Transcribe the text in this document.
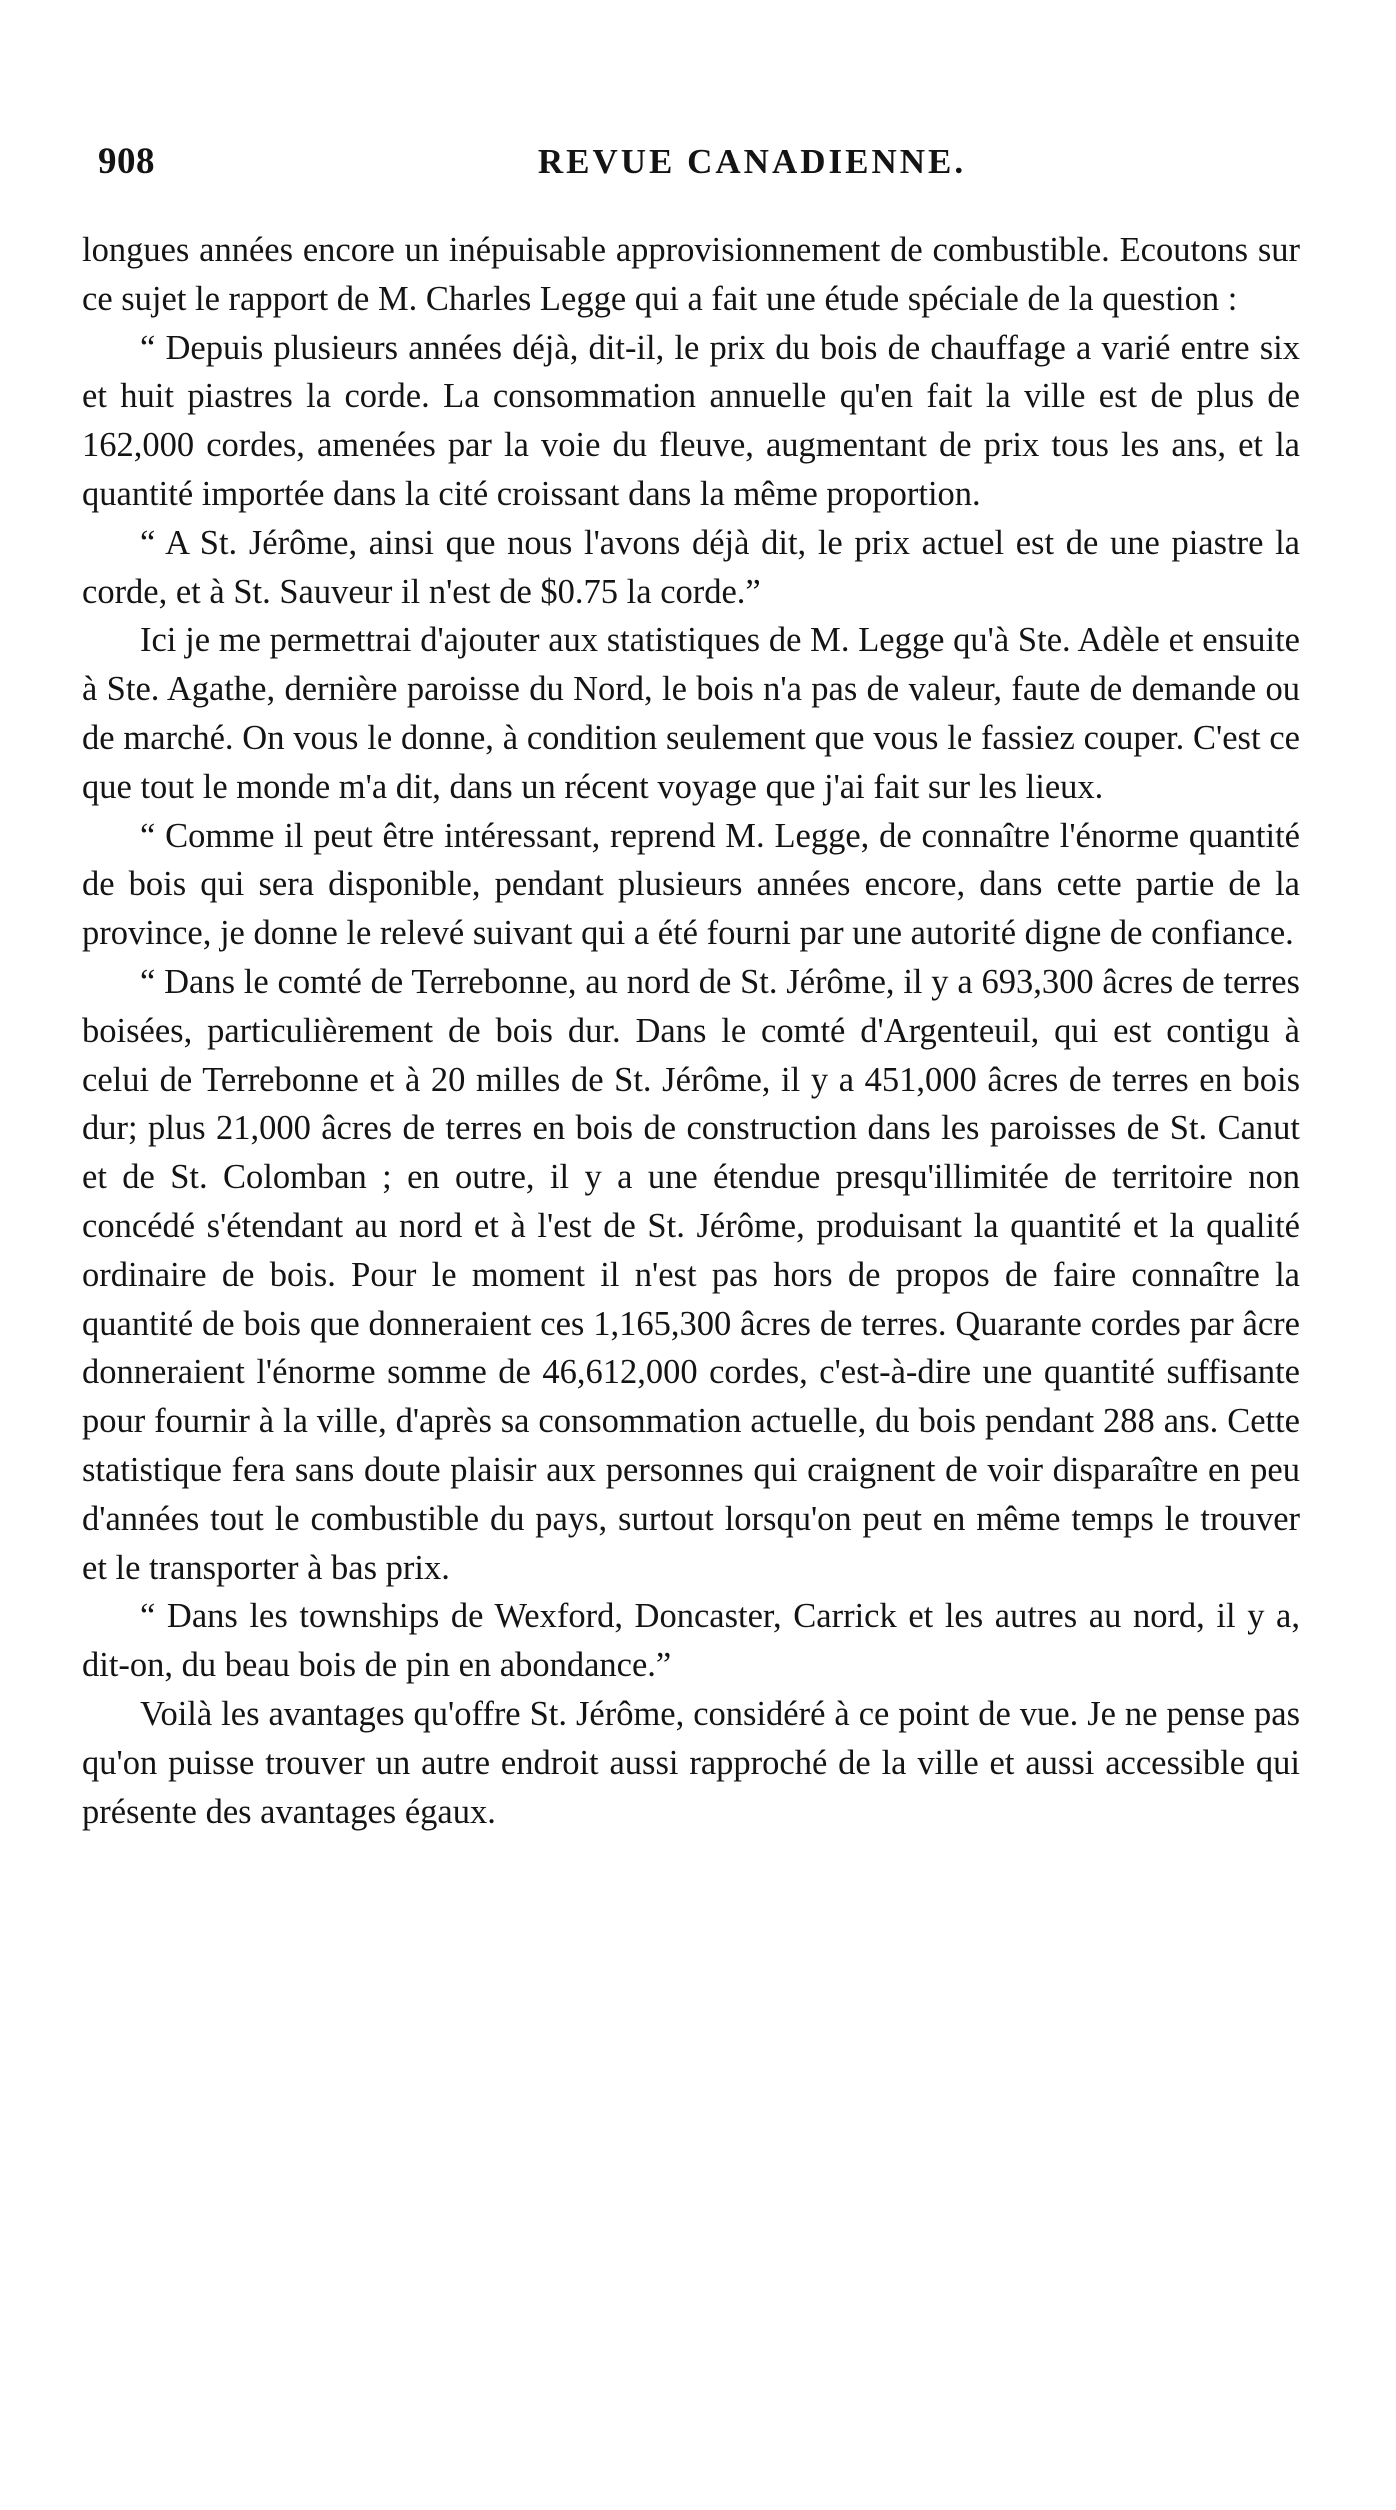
908	REVUE CANADIENNE.

longues années encore un inépuisable approvisionnement de combustible. Ecoutons sur ce sujet le rapport de M. Charles Legge qui a fait une étude spéciale de la question :

“ Depuis plusieurs années déjà, dit-il, le prix du bois de chauffage a varié entre six et huit piastres la corde. La consommation annuelle qu'en fait la ville est de plus de 162,000 cordes, amenées par la voie du fleuve, augmentant de prix tous les ans, et la quantité importée dans la cité croissant dans la même proportion.

“ A St. Jérôme, ainsi que nous l'avons déjà dit, le prix actuel est de une piastre la corde, et à St. Sauveur il n'est de $0.75 la corde.”

Ici je me permettrai d'ajouter aux statistiques de M. Legge qu'à Ste. Adèle et ensuite à Ste. Agathe, dernière paroisse du Nord, le bois n'a pas de valeur, faute de demande ou de marché. On vous le donne, à condition seulement que vous le fassiez couper. C'est ce que tout le monde m'a dit, dans un récent voyage que j'ai fait sur les lieux.

“ Comme il peut être intéressant, reprend M. Legge, de connaître l'énorme quantité de bois qui sera disponible, pendant plusieurs années encore, dans cette partie de la province, je donne le relevé suivant qui a été fourni par une autorité digne de confiance.

“ Dans le comté de Terrebonne, au nord de St. Jérôme, il y a 693,300 âcres de terres boisées, particulièrement de bois dur. Dans le comté d'Argenteuil, qui est contigu à celui de Terrebonne et à 20 milles de St. Jérôme, il y a 451,000 âcres de terres en bois dur; plus 21,000 âcres de terres en bois de construction dans les paroisses de St. Canut et de St. Colomban ; en outre, il y a une étendue presqu'illimitée de territoire non concédé s'étendant au nord et à l'est de St. Jérôme, produisant la quantité et la qualité ordinaire de bois. Pour le moment il n'est pas hors de propos de faire connaître la quantité de bois que donneraient ces 1,165,300 âcres de terres. Quarante cordes par âcre donneraient l'énorme somme de 46,612,000 cordes, c'est-à-dire une quantité suffisante pour fournir à la ville, d'après sa consommation actuelle, du bois pendant 288 ans. Cette statistique fera sans doute plaisir aux personnes qui craignent de voir disparaître en peu d'années tout le combustible du pays, surtout lorsqu'on peut en même temps le trouver et le transporter à bas prix.

“ Dans les townships de Wexford, Doncaster, Carrick et les autres au nord, il y a, dit-on, du beau bois de pin en abondance.”

Voilà les avantages qu'offre St. Jérôme, considéré à ce point de vue. Je ne pense pas qu'on puisse trouver un autre endroit aussi rapproché de la ville et aussi accessible qui présente des avantages égaux.
